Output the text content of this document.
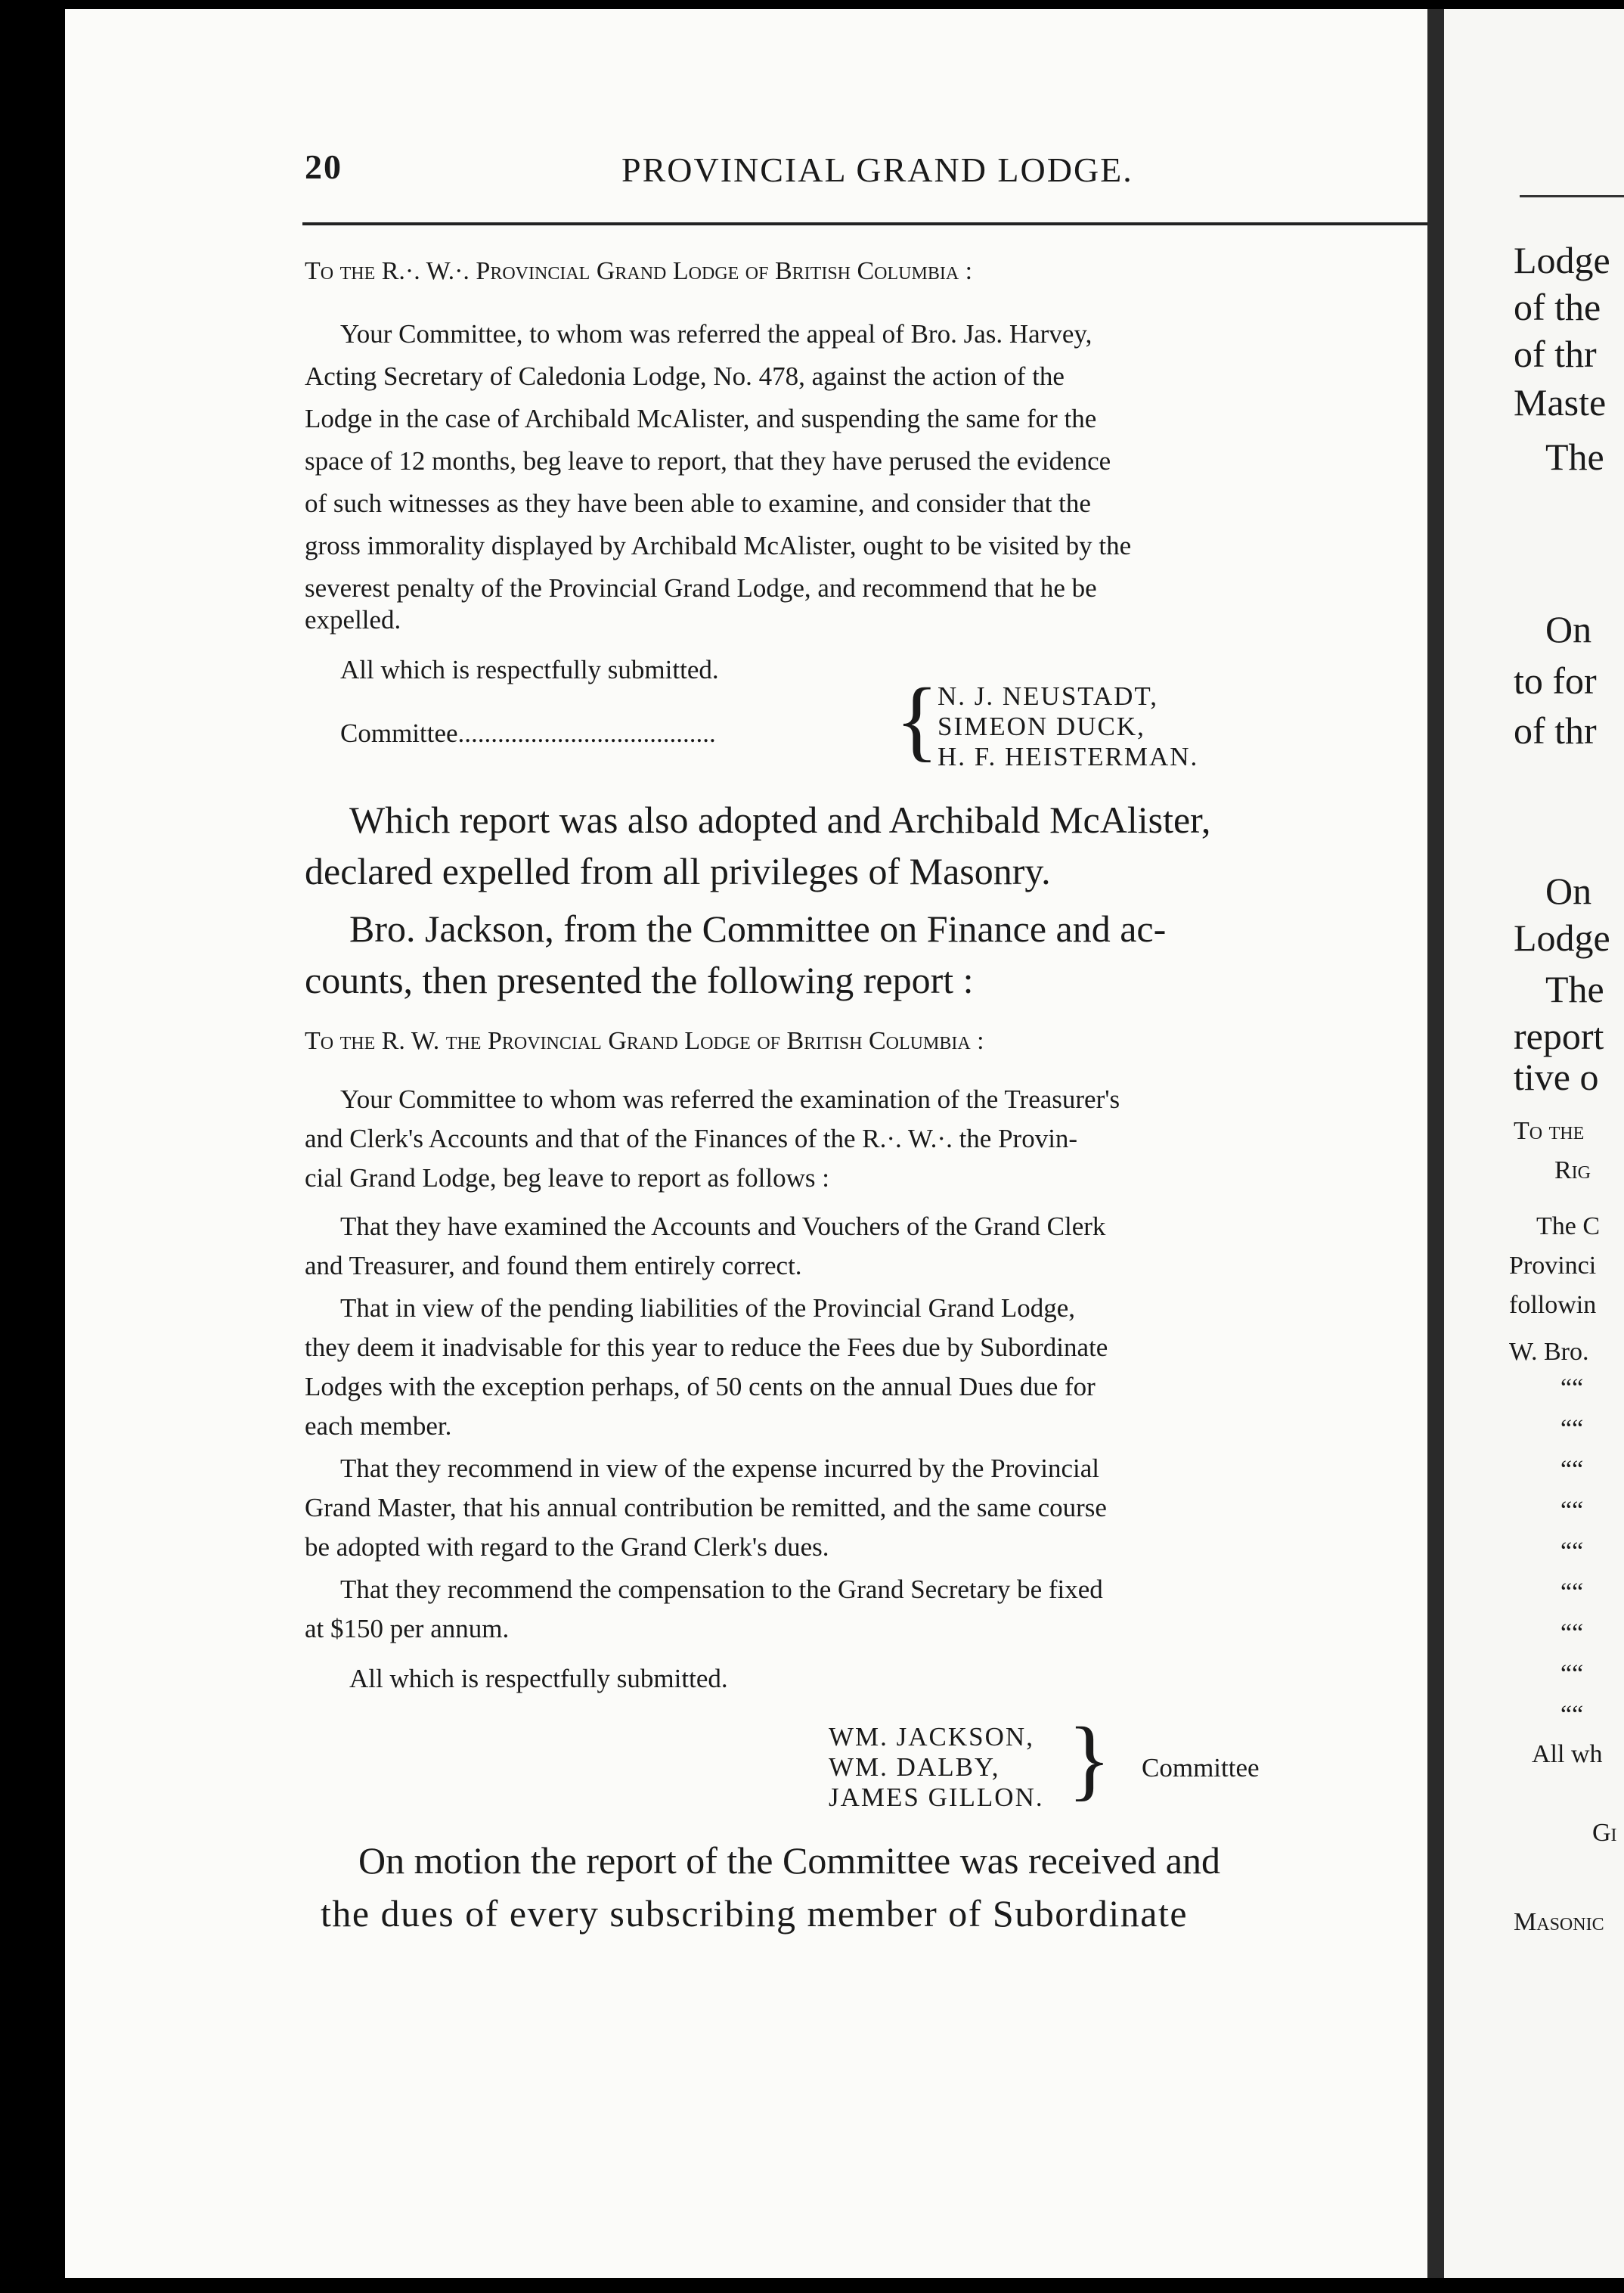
20	PROVINCIAL GRAND LODGE.
To the R.·. W.·. Provincial Grand Lodge of British Columbia :
Your Committee, to whom was referred the appeal of Bro. Jas. Harvey,
Acting Secretary of Caledonia Lodge, No. 478, against the action of the
Lodge in the case of Archibald McAlister, and suspending the same for the
space of 12 months, beg leave to report, that they have perused the evidence
of such witnesses as they have been able to examine, and consider that the
gross immorality displayed by Archibald McAlister, ought to be visited by the
severest penalty of the Provincial Grand Lodge, and recommend that he be
expelled.
All which is respectfully submitted.
Committee....................................... {
N. J. NEUSTADT,
SIMEON DUCK,
H. F. HEISTERMAN.
Which report was also adopted and Archibald McAlister,
declared expelled from all privileges of Masonry.
Bro. Jackson, from the Committee on Finance and ac-
counts, then presented the following report :
To the R. W. the Provincial Grand Lodge of British Columbia :
Your Committee to whom was referred the examination of the Treasurer's
and Clerk's Accounts and that of the Finances of the R.·. W.·. the Provin-
cial Grand Lodge, beg leave to report as follows :
That they have examined the Accounts and Vouchers of the Grand Clerk
and Treasurer, and found them entirely correct.
That in view of the pending liabilities of the Provincial Grand Lodge,
they deem it inadvisable for this year to reduce the Fees due by Subordinate
Lodges with the exception perhaps, of 50 cents on the annual Dues due for
each member.
That they recommend in view of the expense incurred by the Provincial
Grand Master, that his annual contribution be remitted, and the same course
be adopted with regard to the Grand Clerk's dues.
That they recommend the compensation to the Grand Secretary be fixed
at $150 per annum.
All which is respectfully submitted.
WM. JACKSON,
WM. DALBY,
JAMES GILLON. } Committee
On motion the report of the Committee was received and
the dues of every subscribing member of Subordinate
Lodge
of the
of thr
Maste
The
On
to for
of thr
On
Lodge
The
report
tive o
To the
Rig
The C
Provinci
followin
W. Bro.
““
““
““
““
““
““
““
““
““
All wh
Gi
Masonic
